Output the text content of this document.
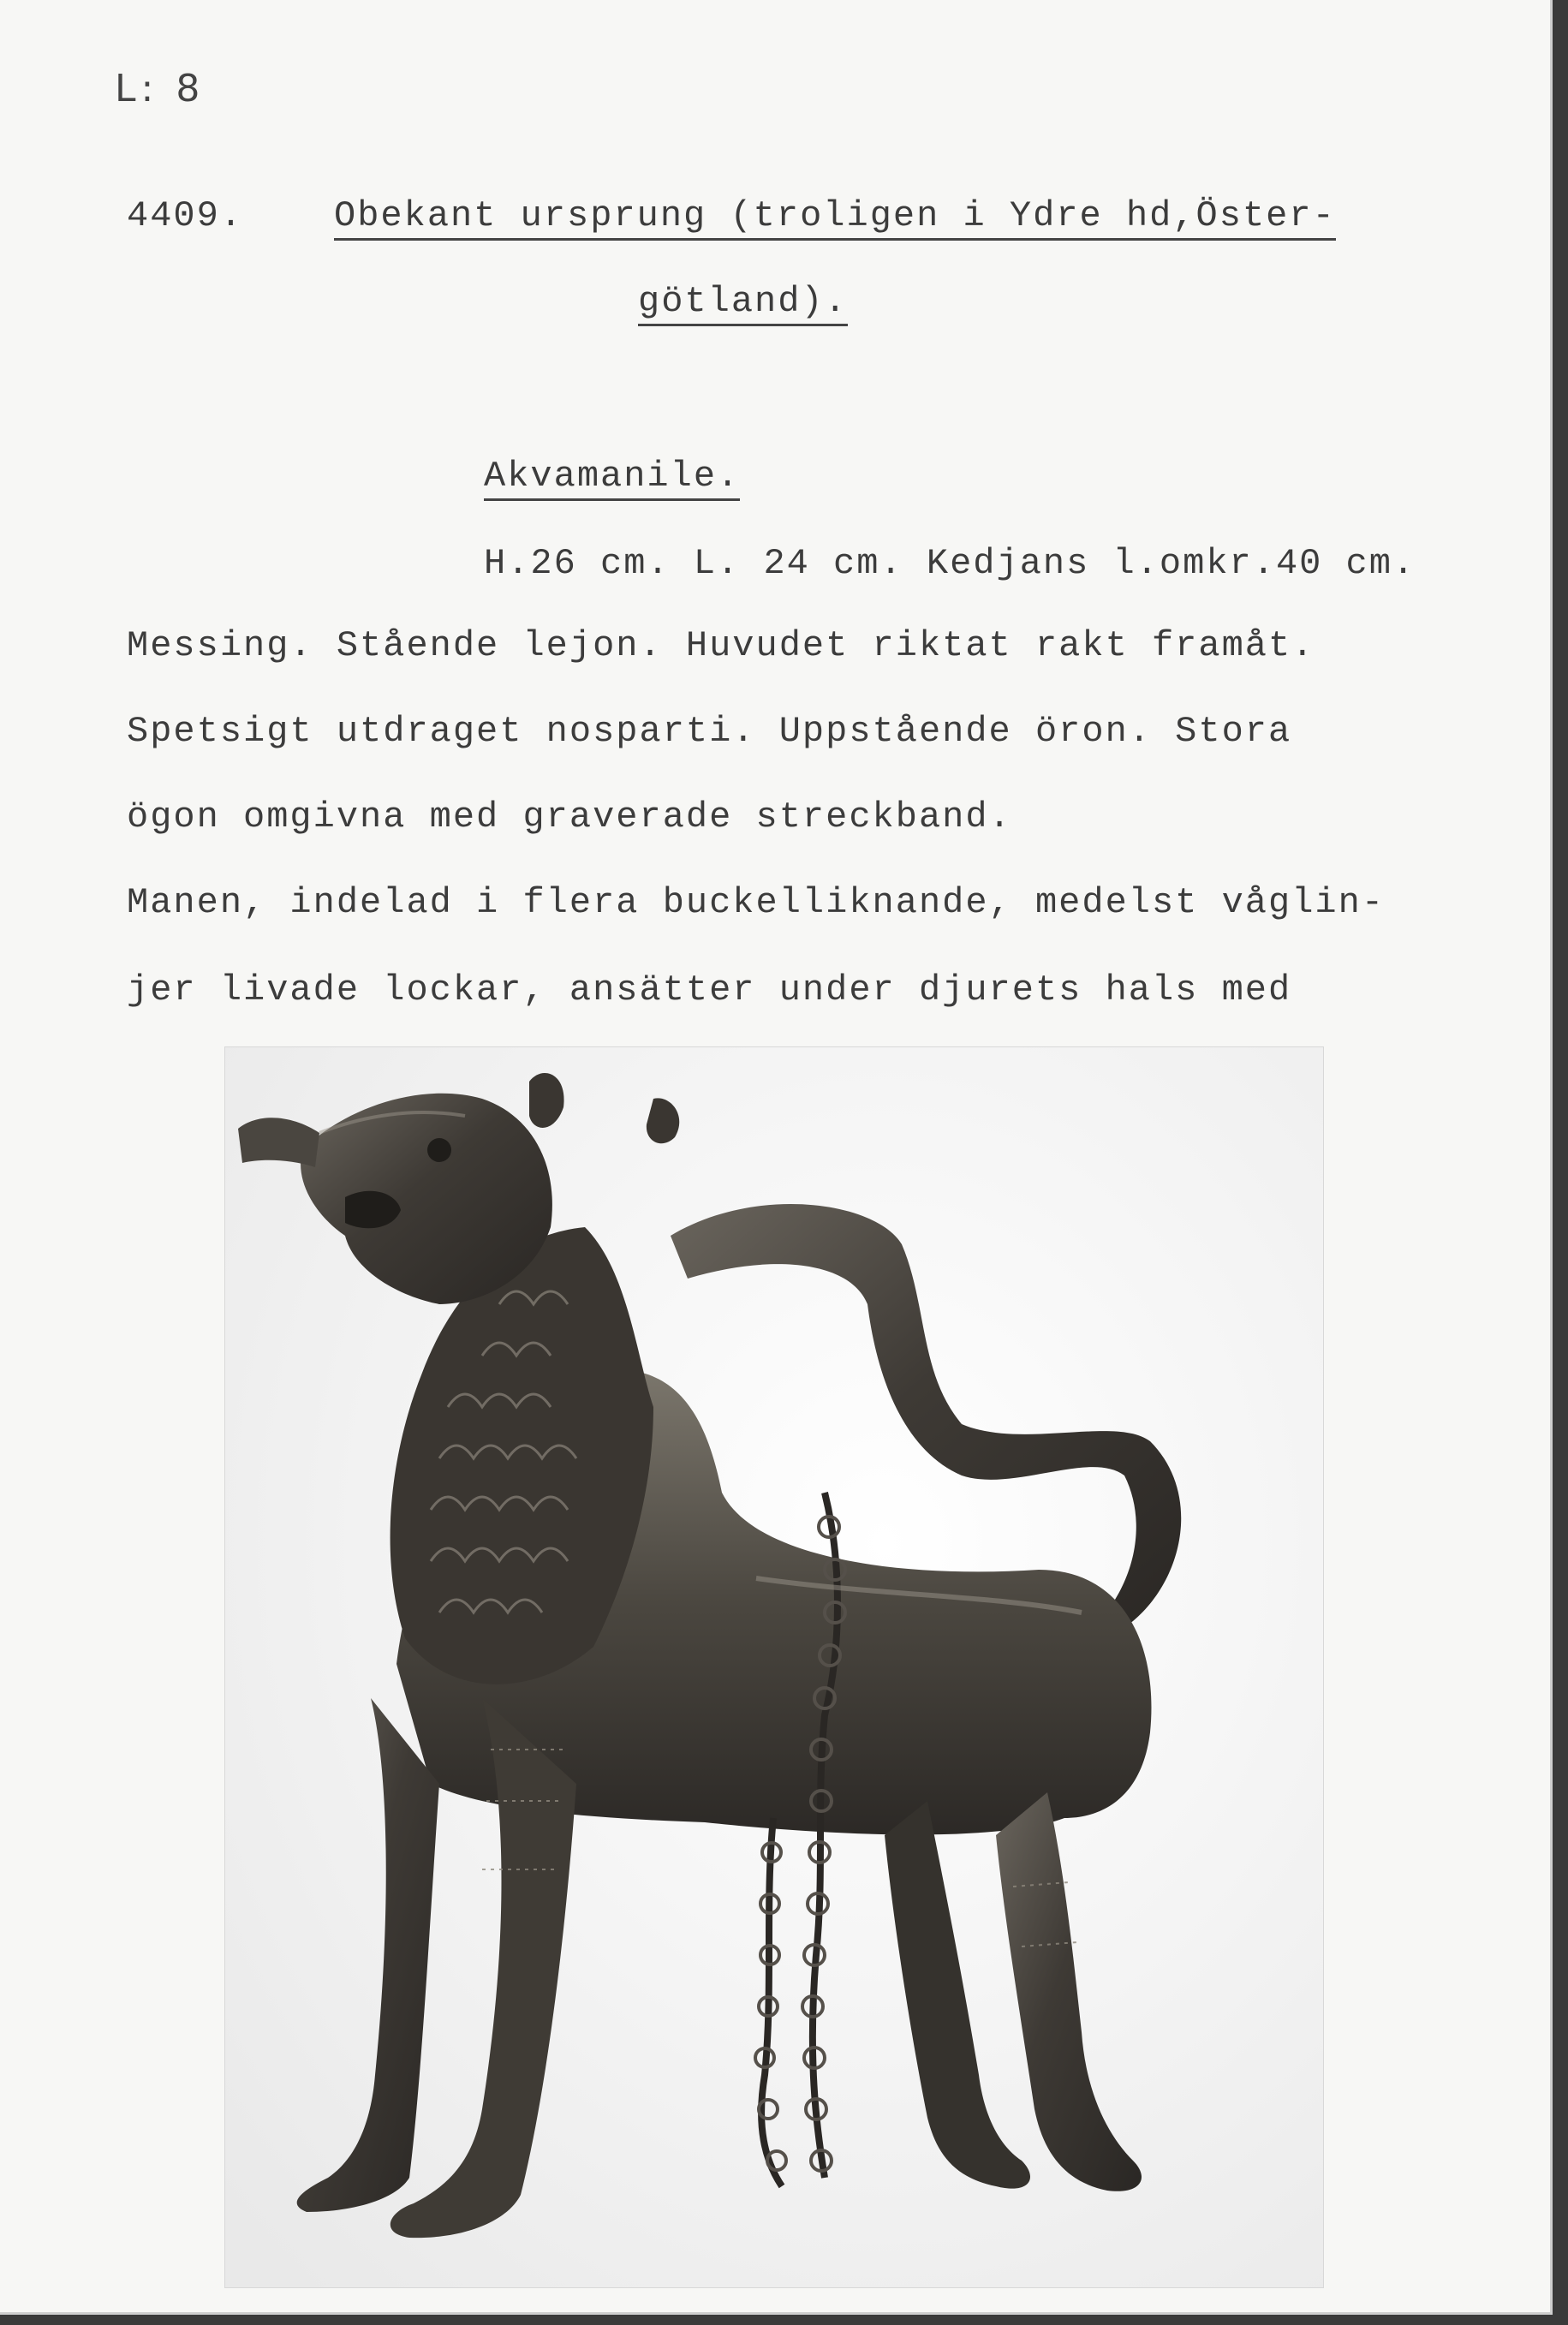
L: 8
4409.	Obekant ursprung (troligen i Ydre hd,Öster-
götland).
Akvamanile.
H.26 cm. L. 24 cm. Kedjans l.omkr.40 cm.
Messing. Stående lejon. Huvudet riktat rakt framåt.
Spetsigt utdraget nosparti. Uppstående öron. Stora
ögon omgivna med graverade streckband.
Manen, indelad i flera buckelliknande, medelst våglin-
jer livade lockar, ansätter under djurets hals med
